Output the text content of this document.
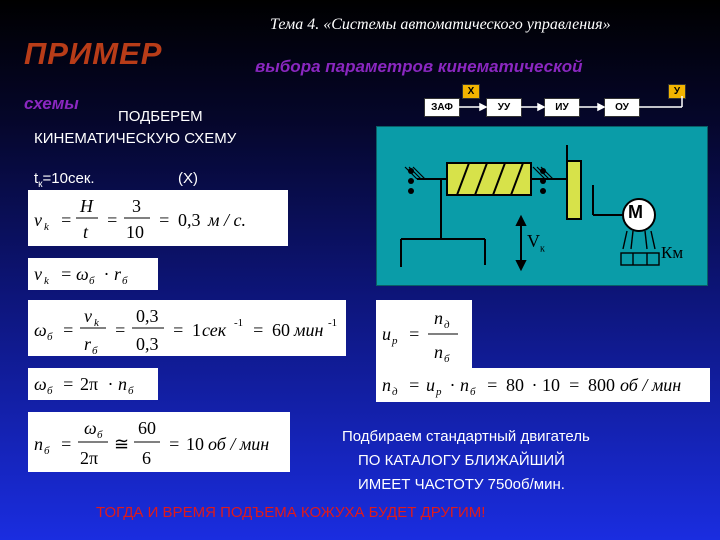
Тема 4. «Системы автоматического управления»
ПРИМЕР	выбора параметров кинематической
схемы
ПОДБЕРЕМ
КИНЕМАТИЧЕСКУЮ СХЕМУ
$t_к=10сек$.	(Х)
ЗАФ	УУ	ИУ	ОУ
Х	У
М
$V_к$	Км
v k =
H
t
=
3
10
= 0,3 м / с.
v k = ω б · r б
ω б =
v k
r б
=
0,3
0,3
= 1 сек -1 = 60 мин -1
ω б = 2π · n б
n б =
ω б
2π
≅
60
6
= 10 об / мин
u р =
n д
n б
n д = u р · n б = 80 · 10 = 800 об / мин
Подбираем стандартный двигатель
ПО КАТАЛОГУ БЛИЖАЙШИЙ
ИМЕЕТ ЧАСТОТУ 750об/мин.
ТОГДА И ВРЕМЯ ПОДЪЕМА КОЖУХА БУДЕТ ДРУГИМ!
